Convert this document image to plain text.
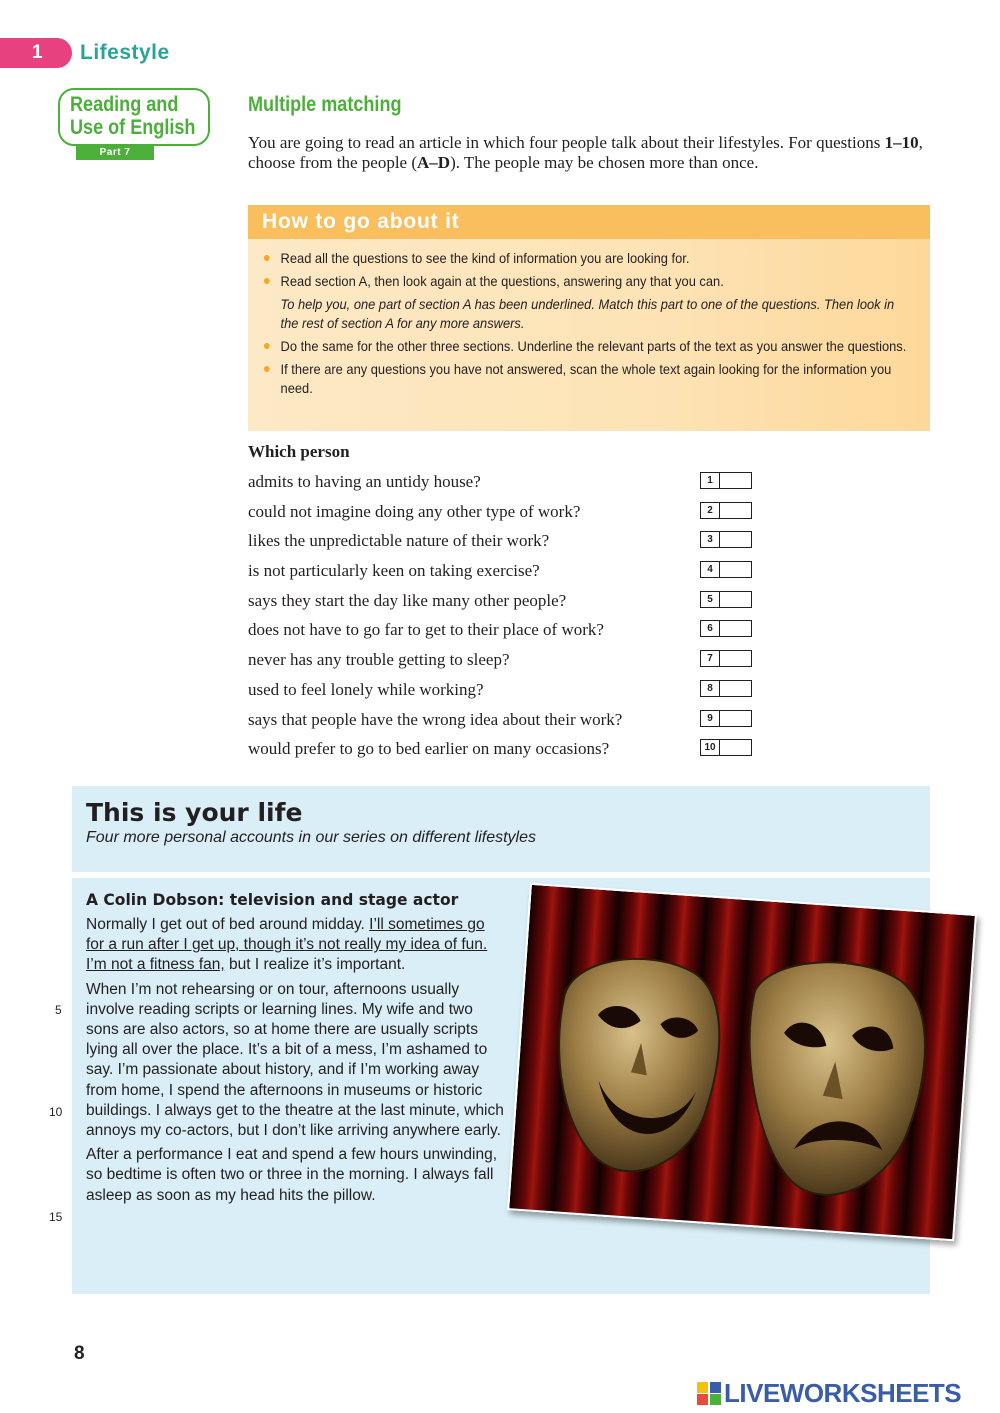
1 Lifestyle
Reading and
Use of English
Part 7
Multiple matching
You are going to read an article in which four people talk about their lifestyles. For questions 1–10, choose from the people (A–D). The people may be chosen more than once.
How to go about it
Read all the questions to see the kind of information you are looking for.
Read section A, then look again at the questions, answering any that you can.
To help you, one part of section A has been underlined. Match this part to one of the questions. Then look in the rest of section A for any more answers.
Do the same for the other three sections. Underline the relevant parts of the text as you answer the questions.
If there are any questions you have not answered, scan the whole text again looking for the information you need.
Which person
admits to having an untidy house?	1
could not imagine doing any other type of work?	2
likes the unpredictable nature of their work?	3
is not particularly keen on taking exercise?	4
says they start the day like many other people?	5
does not have to go far to get to their place of work?	6
never has any trouble getting to sleep?	7
used to feel lonely while working?	8
says that people have the wrong idea about their work?	9
would prefer to go to bed earlier on many occasions?	10
This is your life
Four more personal accounts in our series on different lifestyles
A Colin Dobson: television and stage actor

Normally I get out of bed around midday. I’ll sometimes go for a run after I get up, though it’s not really my idea of fun. I’m not a fitness fan, but I realize it’s important.

When I’m not rehearsing or on tour, afternoons usually involve reading scripts or learning lines. My wife and two sons are also actors, so at home there are usually scripts lying all over the place. It’s a bit of a mess, I’m ashamed to say. I’m passionate about history, and if I’m working away from home, I spend the afternoons in museums or historic buildings. I always get to the theatre at the last minute, which annoys my co-actors, but I don’t like arriving anywhere early.

After a performance I eat and spend a few hours unwinding, so bedtime is often two or three in the morning. I always fall asleep as soon as my head hits the pillow.

5
10
15
8
LIVEWORKSHEETS
